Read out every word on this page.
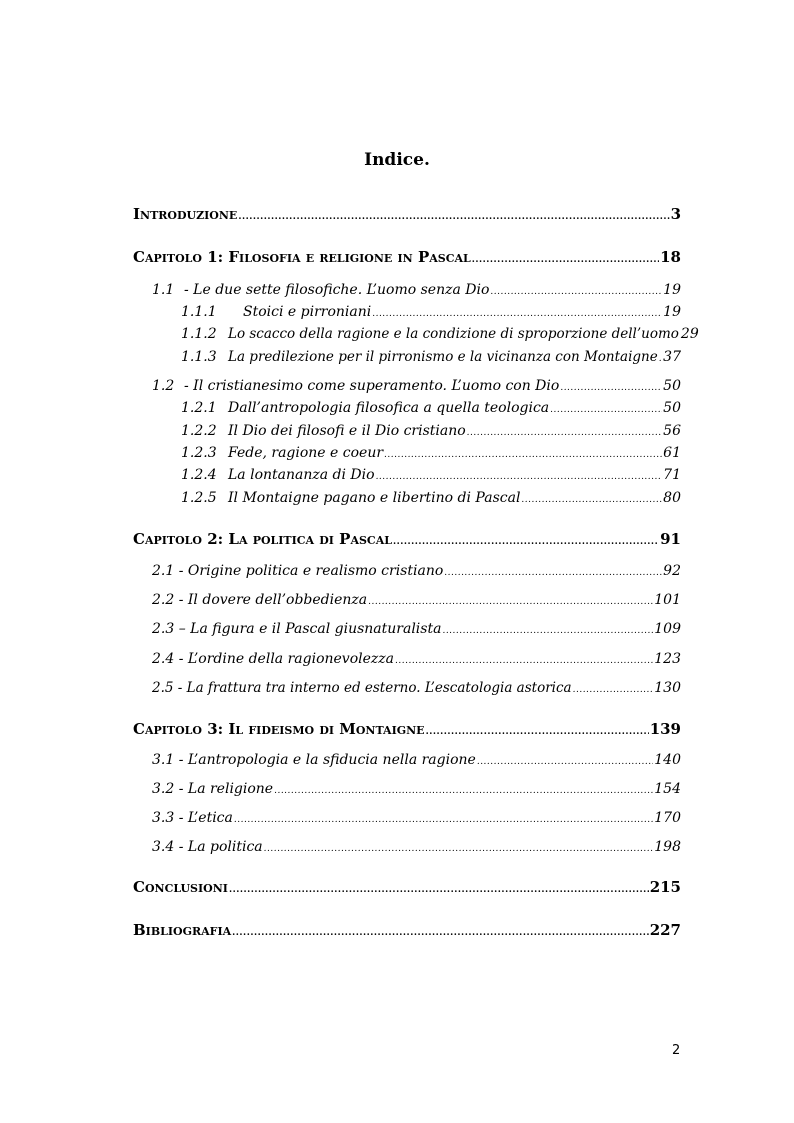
Indice.
Introduzione .....	3
Capitolo 1: Filosofia e religione in Pascal .....	18
1.1 - Le due sette filosofiche. L’uomo senza Dio .....	19
1.1.1 Stoici e pirroniani .....	19
1.1.2 Lo scacco della ragione e la condizione di sproporzione dell’uomo 29
1.1.3 La predilezione per il pirronismo e la vicinanza con Montaigne ..... 37
1.2 - Il cristianesimo come superamento. L’uomo con Dio .....	50
1.2.1 Dall’antropologia filosofica a quella teologica .....	50
1.2.2 Il Dio dei filosofi e il Dio cristiano .....	56
1.2.3 Fede, ragione e coeur .....	61
1.2.4 La lontananza di Dio .....	71
1.2.5 Il Montaigne pagano e libertino di Pascal .....	80
Capitolo 2: La politica di Pascal .....	91
2.1 - Origine politica e realismo cristiano .....	92
2.2 - Il dovere dell’obbedienza .....	101
2.3 – La figura e il Pascal giusnaturalista .....	109
2.4 - L’ordine della ragionevolezza .....	123
2.5 - La frattura tra interno ed esterno. L’escatologia astorica .....	130
Capitolo 3: Il fideismo di Montaigne .....	139
3.1 - L’antropologia e la sfiducia nella ragione .....	140
3.2 - La religione .....	154
3.3 - L’etica .....	170
3.4 - La politica .....	198
Conclusioni .....	215
Bibliografia .....	227
2
